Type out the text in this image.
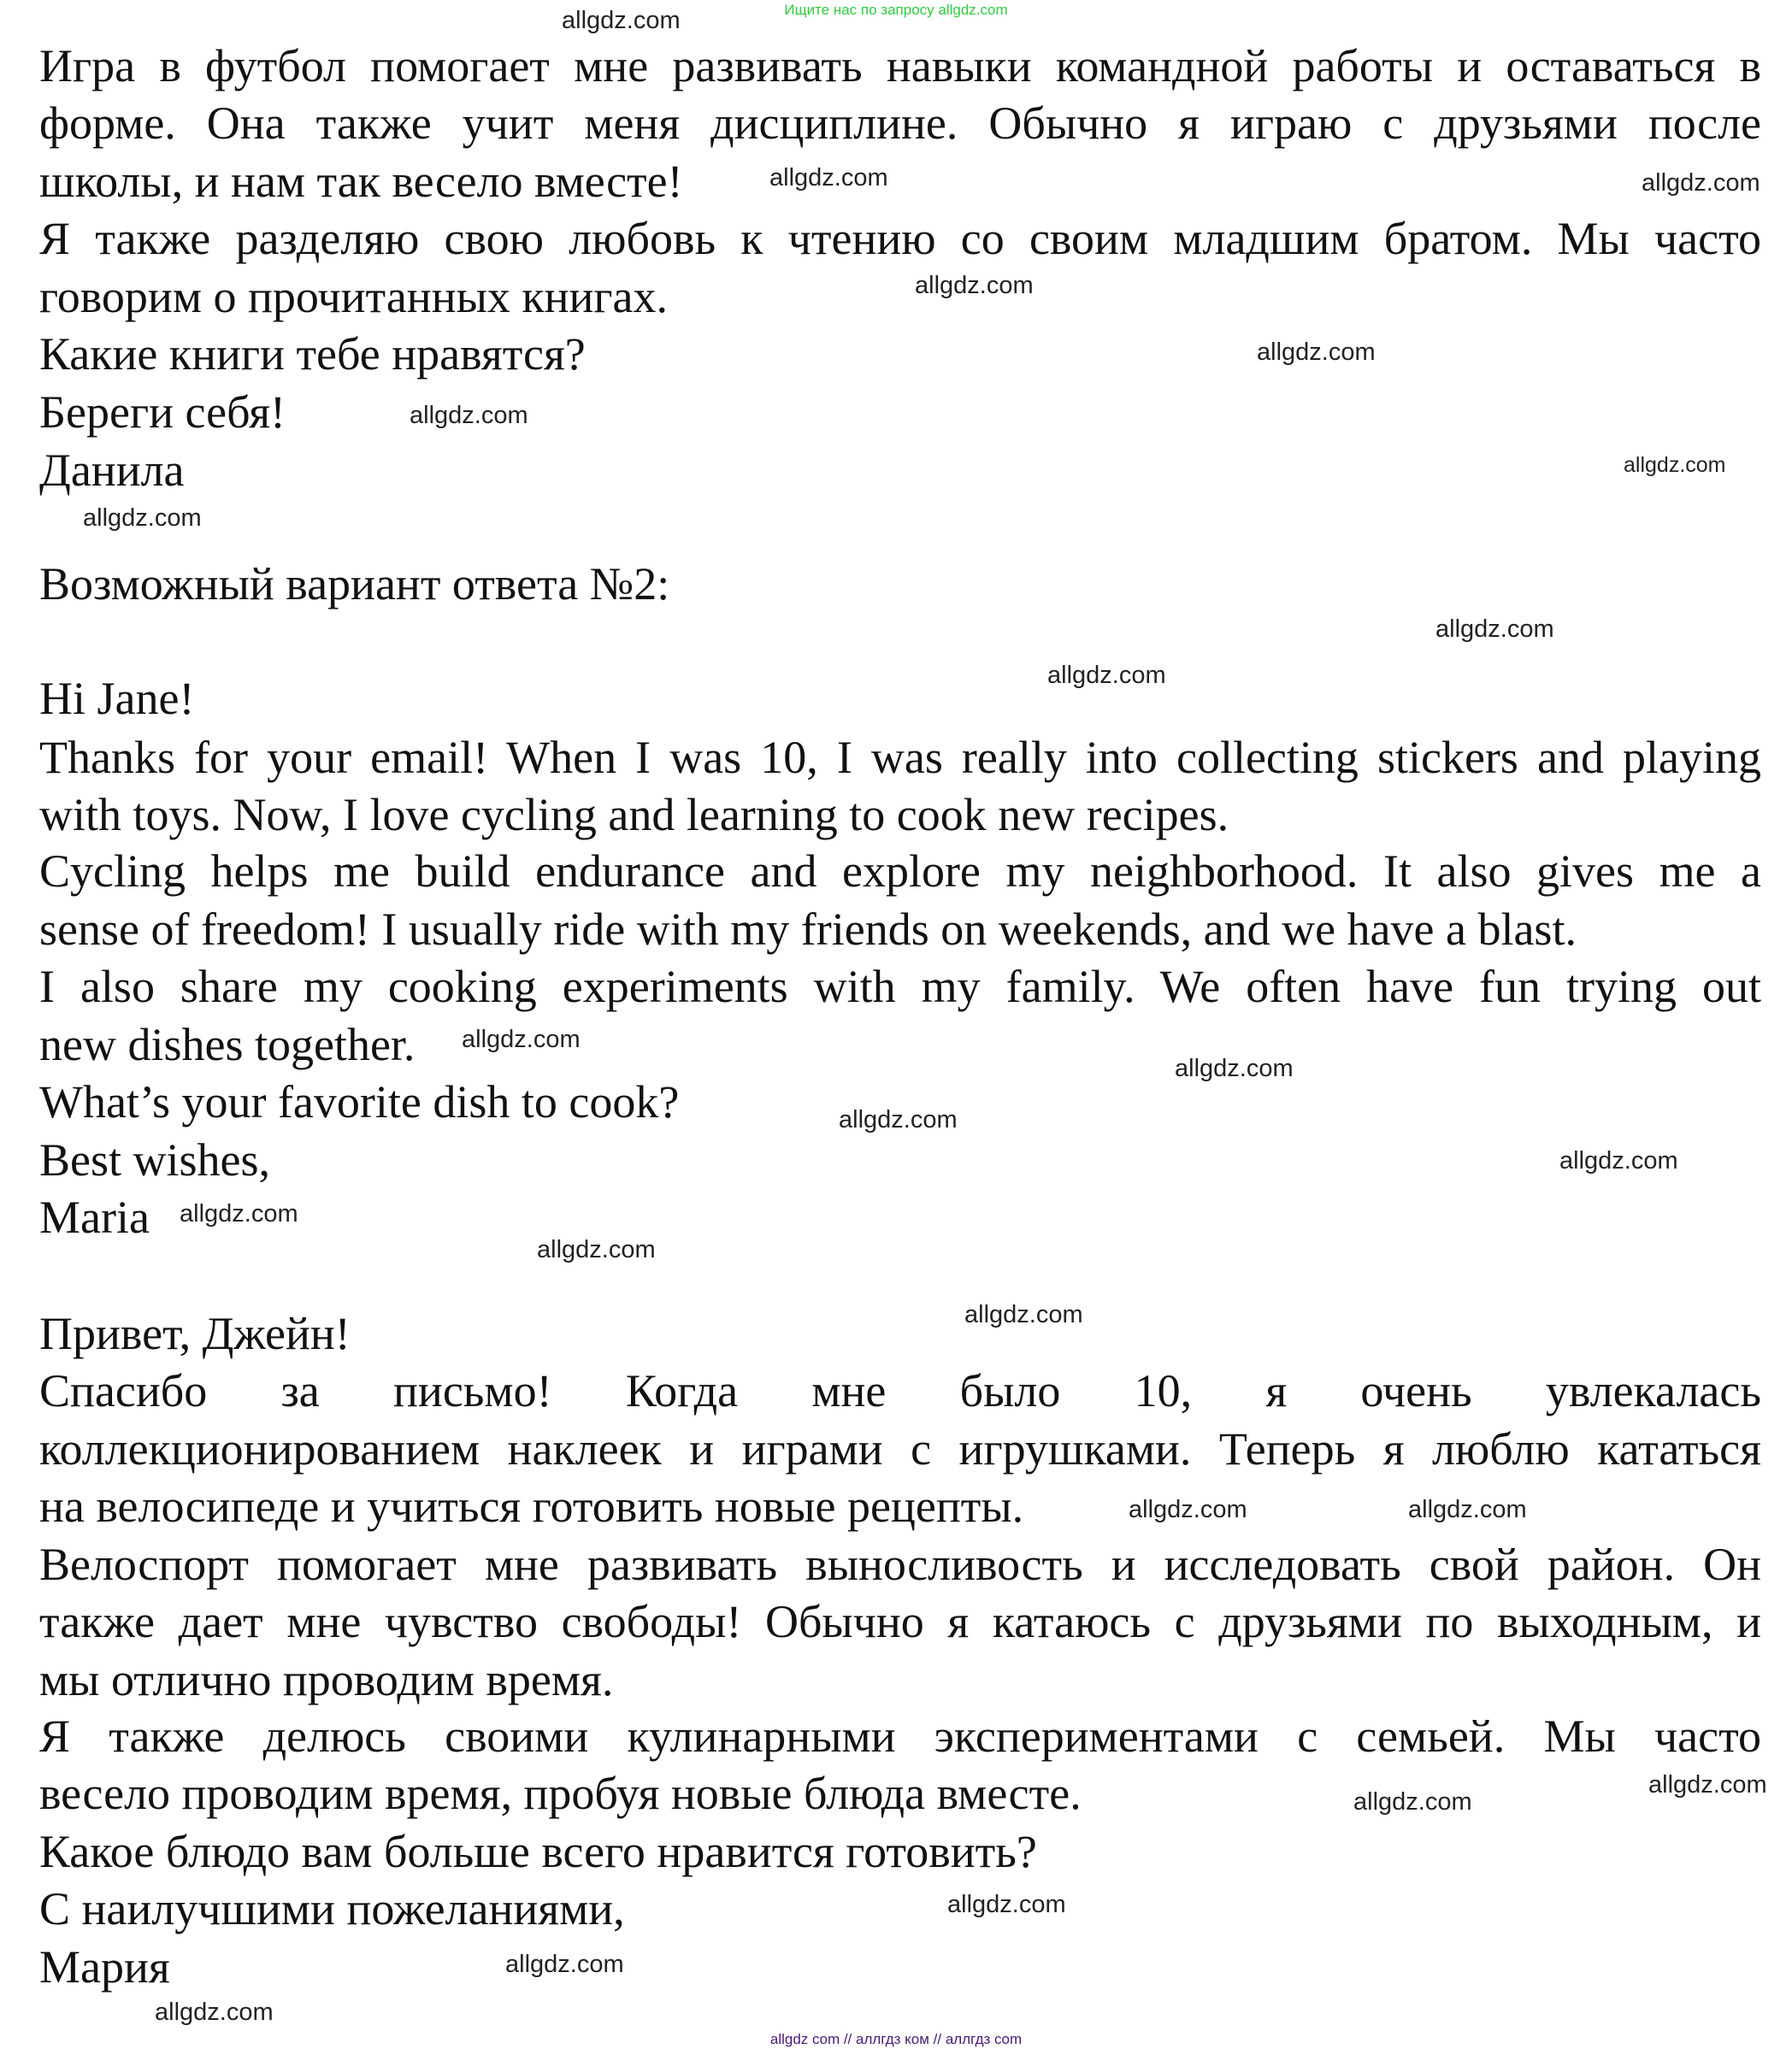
Ищите нас по запросу allgdz.com
Игра в футбол помогает мне развивать навыки командной работы и оставаться в
форме. Она также учит меня дисциплине. Обычно я играю с друзьями после
школы, и нам так весело вместе!
Я также разделяю свою любовь к чтению со своим младшим братом. Мы часто
говорим о прочитанных книгах.
Какие книги тебе нравятся?
Береги себя!
Данила
Возможный вариант ответа №2:
Hi Jane!
Thanks for your email! When I was 10, I was really into collecting stickers and playing
with toys. Now, I love cycling and learning to cook new recipes.
Cycling helps me build endurance and explore my neighborhood. It also gives me a
sense of freedom! I usually ride with my friends on weekends, and we have a blast.
I also share my cooking experiments with my family. We often have fun trying out
new dishes together.
What’s your favorite dish to cook?
Best wishes,
Maria
Привет, Джейн!
Спасибо за письмо! Когда мне было 10, я очень увлекалась
коллекционированием наклеек и играми с игрушками. Теперь я люблю кататься
на велосипеде и учиться готовить новые рецепты.
Велоспорт помогает мне развивать выносливость и исследовать свой район. Он
также дает мне чувство свободы! Обычно я катаюсь с друзьями по выходным, и
мы отлично проводим время.
Я также делюсь своими кулинарными экспериментами с семьей. Мы часто
весело проводим время, пробуя новые блюда вместе.
Какое блюдо вам больше всего нравится готовить?
С наилучшими пожеланиями,
Мария
allgdz.com
allgdz.com	allgdz.com
allgdz.com
allgdz.com
allgdz.com
allgdz.com
allgdz.com
allgdz.com
allgdz.com
allgdz.com
allgdz.com
allgdz.com
allgdz.com
allgdz.com
allgdz.com
allgdz.com
allgdz.com	allgdz.com
allgdz.com
allgdz.com
allgdz.com
allgdz.com
allgdz.com
allgdz com // аллгдз ком // аллгдз com
